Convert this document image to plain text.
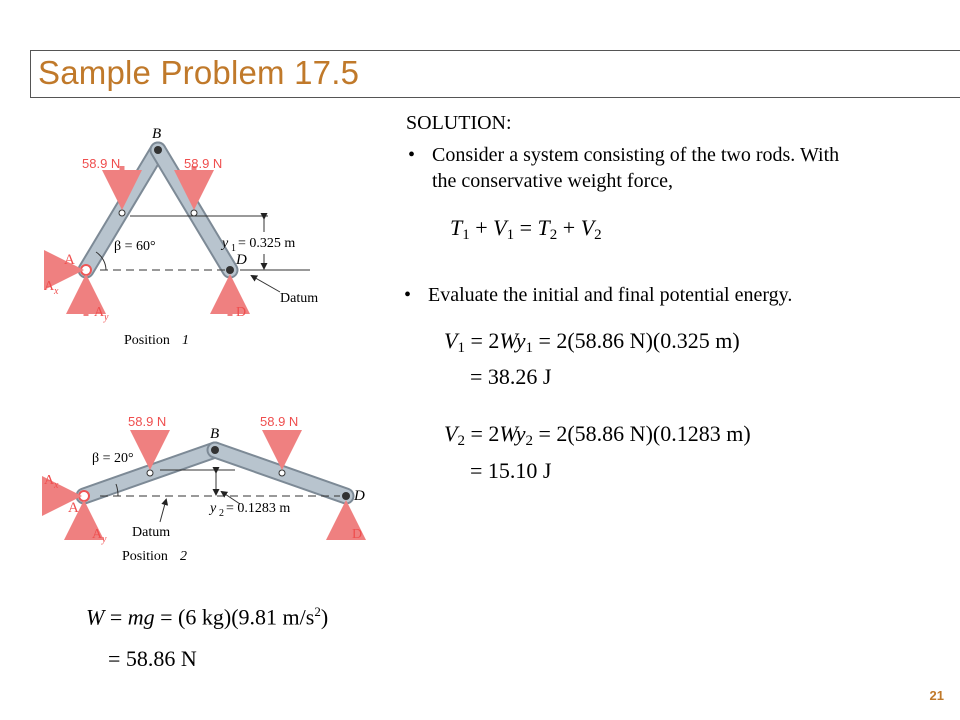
Sample Problem 17.5
58.9 N	58.9 N
B
A	D
β = 60°	y 1 = 0.325 m
Datum
A x
A y	D
Position 1
58.9 N	58.9 N
B
A
D
β = 20°
y 2 = 0.1283 m
Datum
A x
A y	D
Position 2
SOLUTION:
• Consider a system consisting of the two rods. With
the conservative weight force,
$T_1 + V_1 = T_2 + V_2$
• Evaluate the initial and final potential energy.
$V_1 = 2Wy_1 = 2(58.86$ N)(0.325 m)
= 38.26 J
$V_2 = 2Wy_2 = 2(58.86$ N)(0.1283 m)
= 15.10 J
W = mg = (6 kg)(9.81 $m/s^2$)
= 58.86 N
21
